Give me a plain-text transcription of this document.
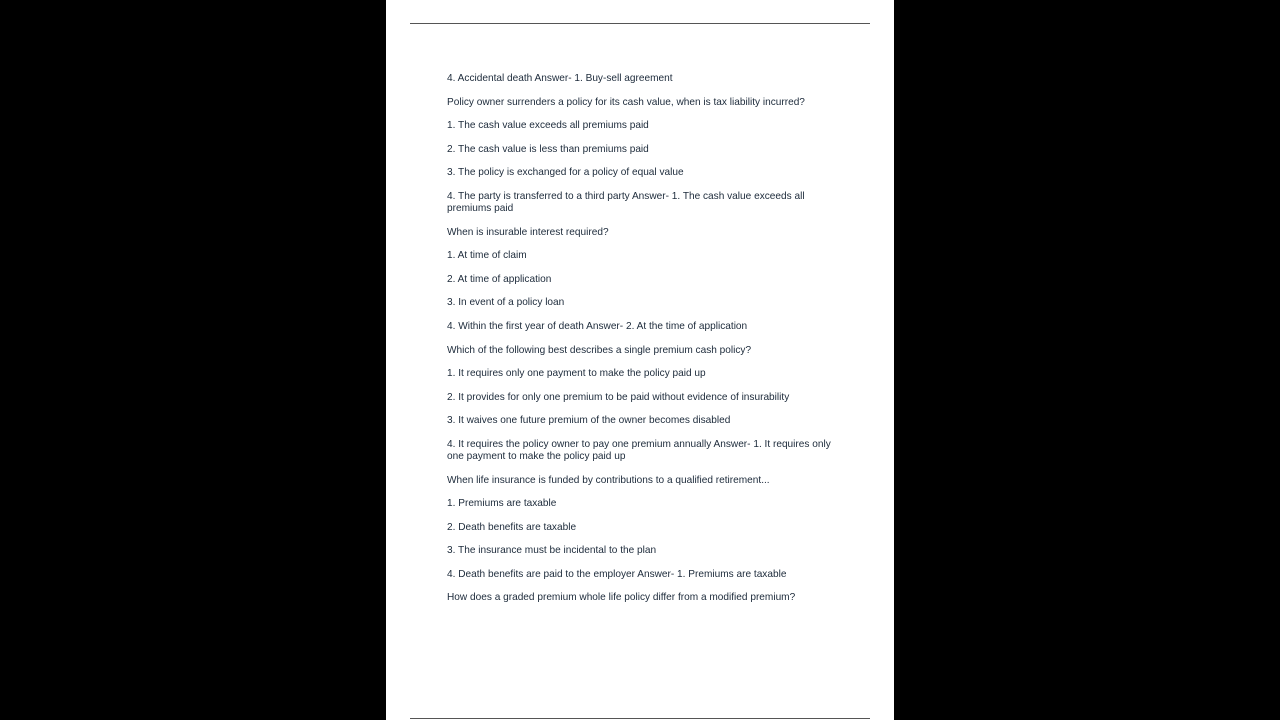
4. Accidental death Answer- 1. Buy-sell agreement

Policy owner surrenders a policy for its cash value, when is tax liability incurred?

1. The cash value exceeds all premiums paid

2. The cash value is less than premiums paid

3. The policy is exchanged for a policy of equal value

4. The party is transferred to a third party Answer- 1. The cash value exceeds all premiums paid

When is insurable interest required?

1. At time of claim

2. At time of application

3. In event of a policy loan

4. Within the first year of death Answer- 2. At the time of application

Which of the following best describes a single premium cash policy?

1. It requires only one payment to make the policy paid up

2. It provides for only one premium to be paid without evidence of insurability

3. It waives one future premium of the owner becomes disabled

4. It requires the policy owner to pay one premium annually Answer- 1. It requires only one payment to make the policy paid up

When life insurance is funded by contributions to a qualified retirement...

1. Premiums are taxable

2. Death benefits are taxable

3. The insurance must be incidental to the plan

4. Death benefits are paid to the employer Answer- 1. Premiums are taxable

How does a graded premium whole life policy differ from a modified premium?
